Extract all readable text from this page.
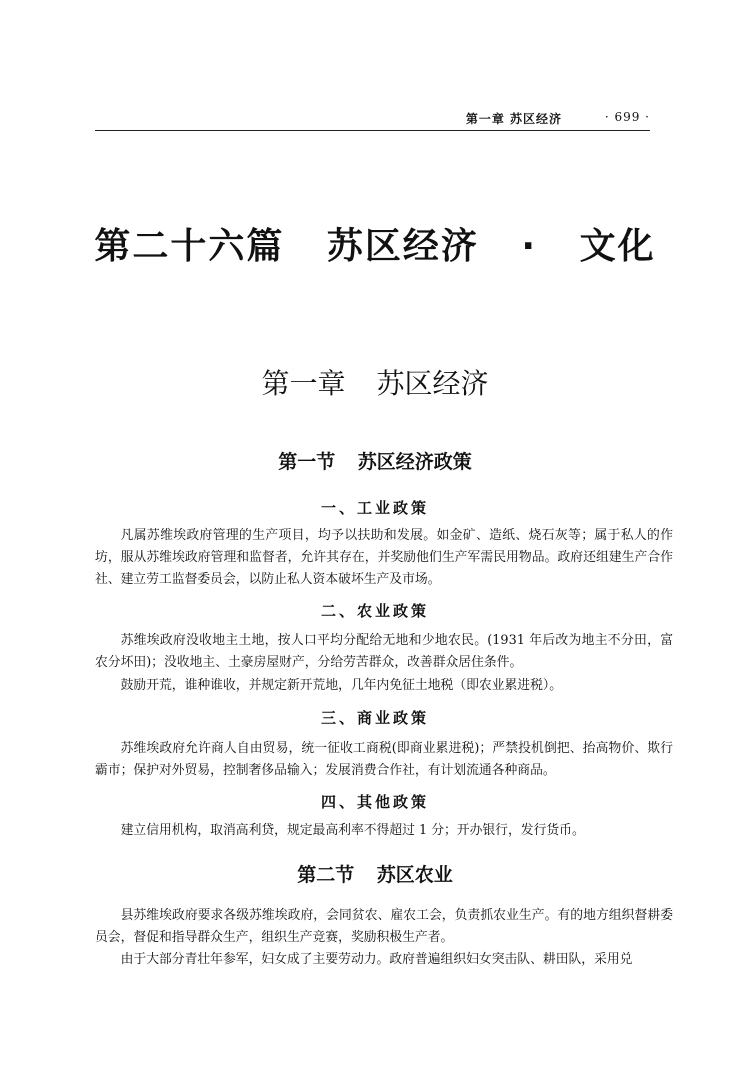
第一章 苏区经济	· 699 ·
第二十六篇 苏区经济 · 文化
第一章 苏区经济
第一节 苏区经济政策
一、工业政策

凡属苏维埃政府管理的生产项目，均予以扶助和发展。如金矿、造纸、烧石灰等；属于私人的作坊，服从苏维埃政府管理和监督者，允许其存在，并奖励他们生产军需民用物品。政府还组建生产合作社、建立劳工监督委员会，以防止私人资本破坏生产及市场。

二、农业政策

苏维埃政府没收地主土地，按人口平均分配给无地和少地农民。(1931 年后改为地主不分田，富农分坏田)；没收地主、土豪房屋财产，分给劳苦群众，改善群众居住条件。

鼓励开荒，谁种谁收，并规定新开荒地，几年内免征土地税（即农业累进税）。

三、商业政策

苏维埃政府允许商人自由贸易，统一征收工商税(即商业累进税)；严禁投机倒把、抬高物价、欺行霸市；保护对外贸易，控制奢侈品输入；发展消费合作社，有计划流通各种商品。

四、其他政策

建立信用机构，取消高利贷，规定最高利率不得超过 1 分；开办银行，发行货币。

第二节 苏区农业

县苏维埃政府要求各级苏维埃政府，会同贫农、雇农工会，负责抓农业生产。有的地方组织督耕委员会，督促和指导群众生产，组织生产竞赛，奖励积极生产者。

由于大部分青壮年参军，妇女成了主要劳动力。政府普遍组织妇女突击队、耕田队，采用兑
